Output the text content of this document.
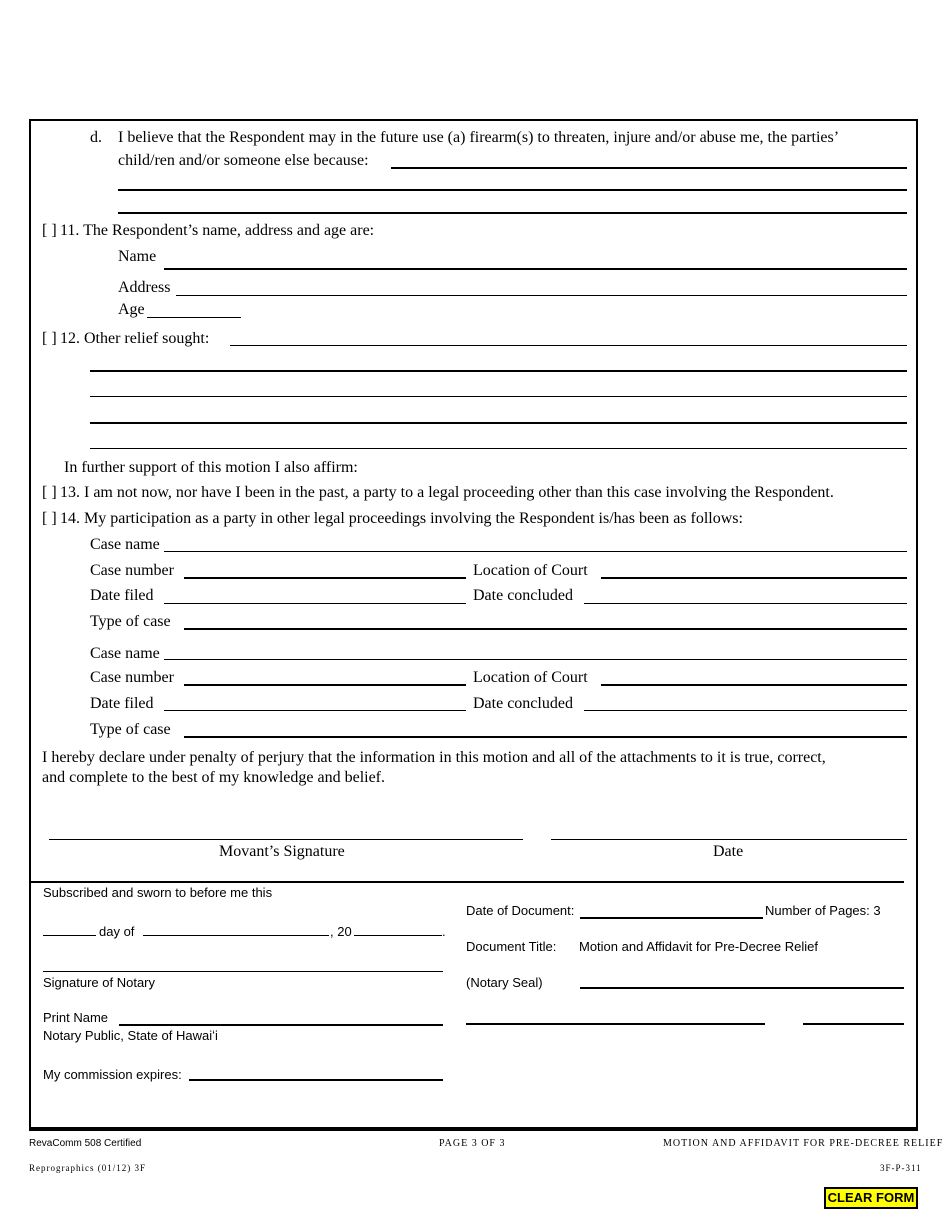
d. I believe that the Respondent may in the future use (a) firearm(s) to threaten, injure and/or abuse me, the parties’
child/ren and/or someone else because:
[ ] 11. The Respondent’s name, address and age are:
Name
Address
Age
[ ] 12. Other relief sought:
In further support of this motion I also affirm:
[ ] 13. I am not now, nor have I been in the past, a party to a legal proceeding other than this case involving the Respondent.
[ ] 14. My participation as a party in other legal proceedings involving the Respondent is/has been as follows:
Case name
Case number	Location of Court
Date filed	Date concluded
Type of case
Case name
Case number	Location of Court
Date filed	Date concluded
Type of case
I hereby declare under penalty of perjury that the information in this motion and all of the attachments to it is true, correct,
and complete to the best of my knowledge and belief.
Movant’s Signature	Date
Subscribed and sworn to before me this
day of	, 20	.
Signature of Notary
Print Name
Notary Public, State of Hawaiʻi
My commission expires:
Date of Document:	Number of Pages: 3
Document Title: Motion and Affidavit for Pre-Decree Relief
(Notary Seal)
RevaComm 508 Certified	PAGE 3 OF 3	MOTION AND AFFIDAVIT FOR PRE-DECREE RELIEF
Reprographics (01/12) 3F	3F-P-311
CLEAR FORM
